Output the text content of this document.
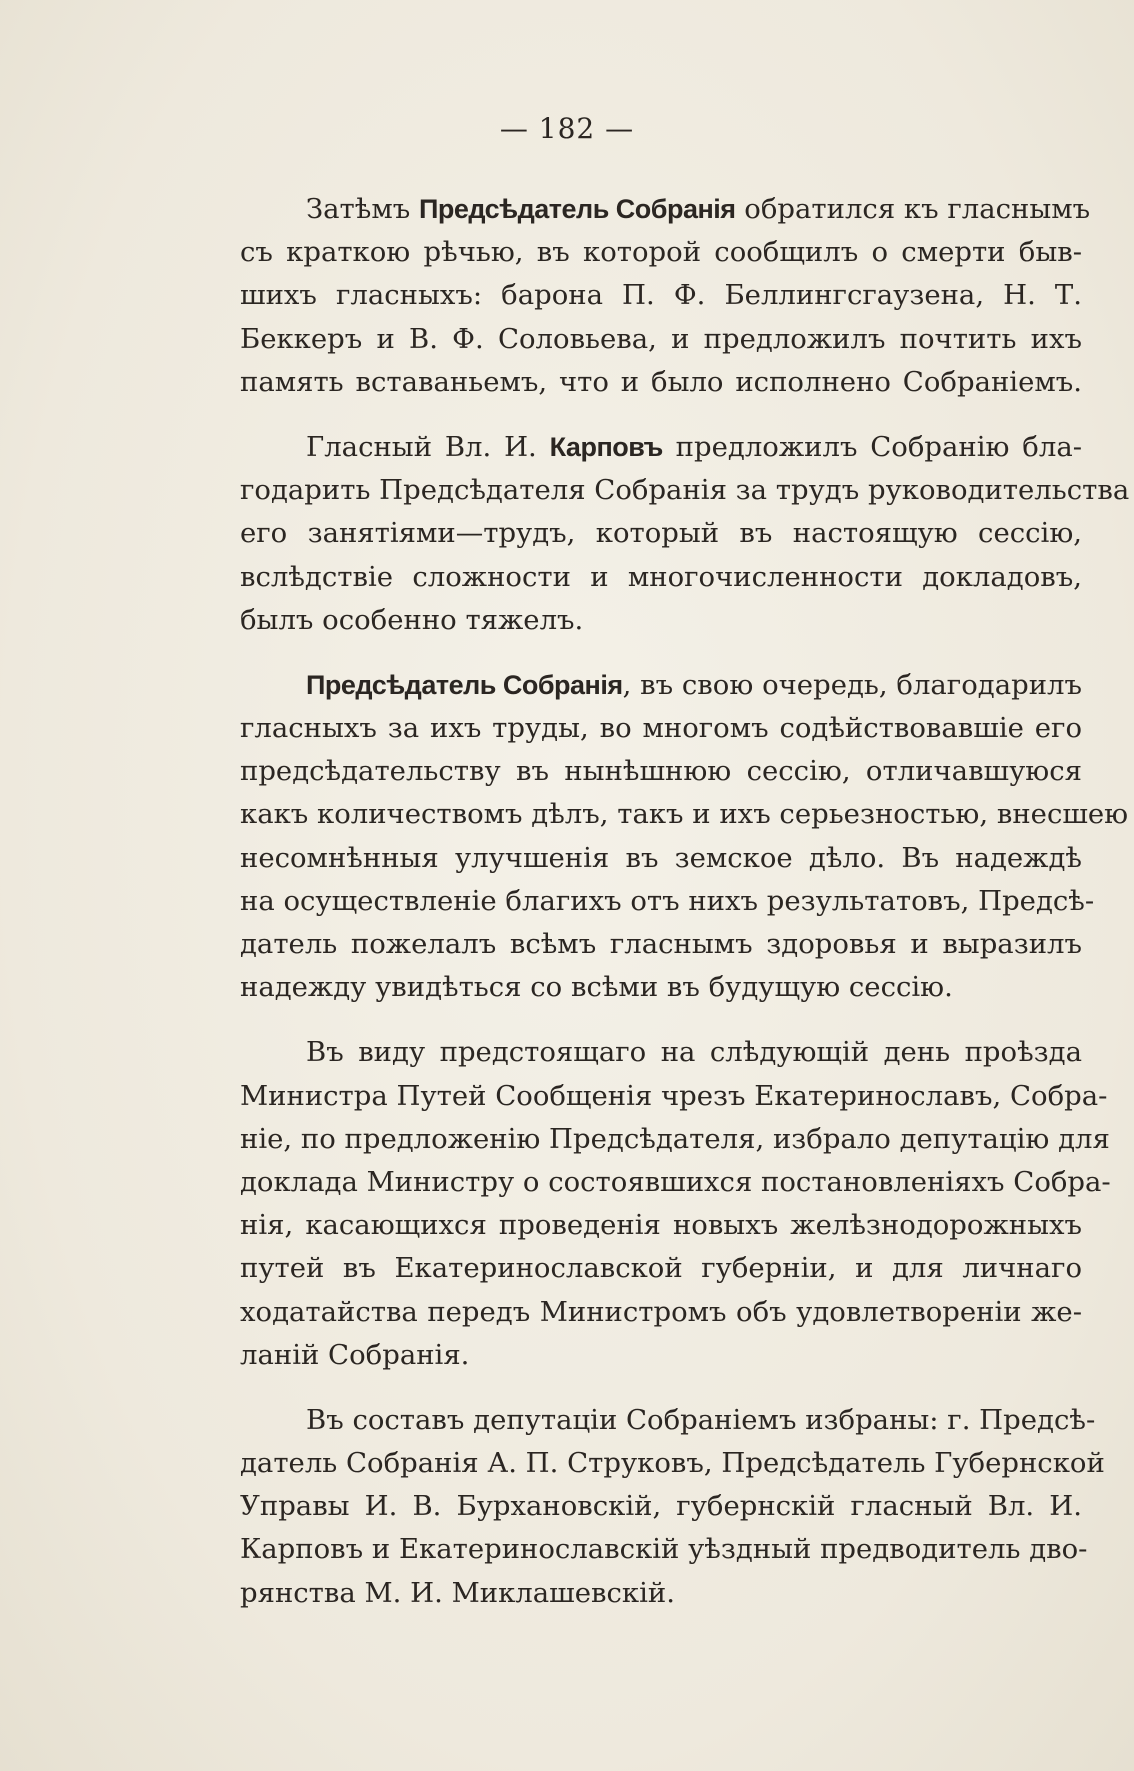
— 182 —
Затѣмъ Предсѣдатель Собранія обратился къ гласнымъ
съ краткою рѣчью, въ которой сообщилъ о смерти быв-
шихъ гласныхъ: барона П. Ф. Беллингсгаузена, Н. Т.
Беккеръ и В. Ф. Соловьева, и предложилъ почтить ихъ
память вставаньемъ, что и было исполнено Собраніемъ.
Гласный Вл. И. Карповъ предложилъ Собранію бла-
годарить Предсѣдателя Собранія за трудъ руководительства
его занятіями—трудъ, который въ настоящую сессію,
вслѣдствіе сложности и многочисленности докладовъ,
былъ особенно тяжелъ.
Предсѣдатель Собранія, въ свою очередь, благодарилъ
гласныхъ за ихъ труды, во многомъ содѣйствовавшіе его
предсѣдательству въ нынѣшнюю сессію, отличавшуюся
какъ количествомъ дѣлъ, такъ и ихъ серьезностью, внесшею
несомнѣнныя улучшенія въ земское дѣло. Въ надеждѣ
на осуществленіе благихъ отъ нихъ результатовъ, Предсѣ-
датель пожелалъ всѣмъ гласнымъ здоровья и выразилъ
надежду увидѣться со всѣми въ будущую сессію.
Въ виду предстоящаго на слѣдующій день проѣзда
Министра Путей Сообщенія чрезъ Екатеринославъ, Собра-
ніе, по предложенію Предсѣдателя, избрало депутацію для
доклада Министру о состоявшихся постановленіяхъ Собра-
нія, касающихся проведенія новыхъ желѣзнодорожныхъ
путей въ Екатеринославской губерніи, и для личнаго
ходатайства передъ Министромъ объ удовлетвореніи же-
ланій Собранія.
Въ составъ депутаціи Собраніемъ избраны: г. Предсѣ-
датель Собранія А. П. Струковъ, Предсѣдатель Губернской
Управы И. В. Бурхановскій, губернскій гласный Вл. И.
Карповъ и Екатеринославскій уѣздный предводитель дво-
рянства М. И. Миклашевскій.
